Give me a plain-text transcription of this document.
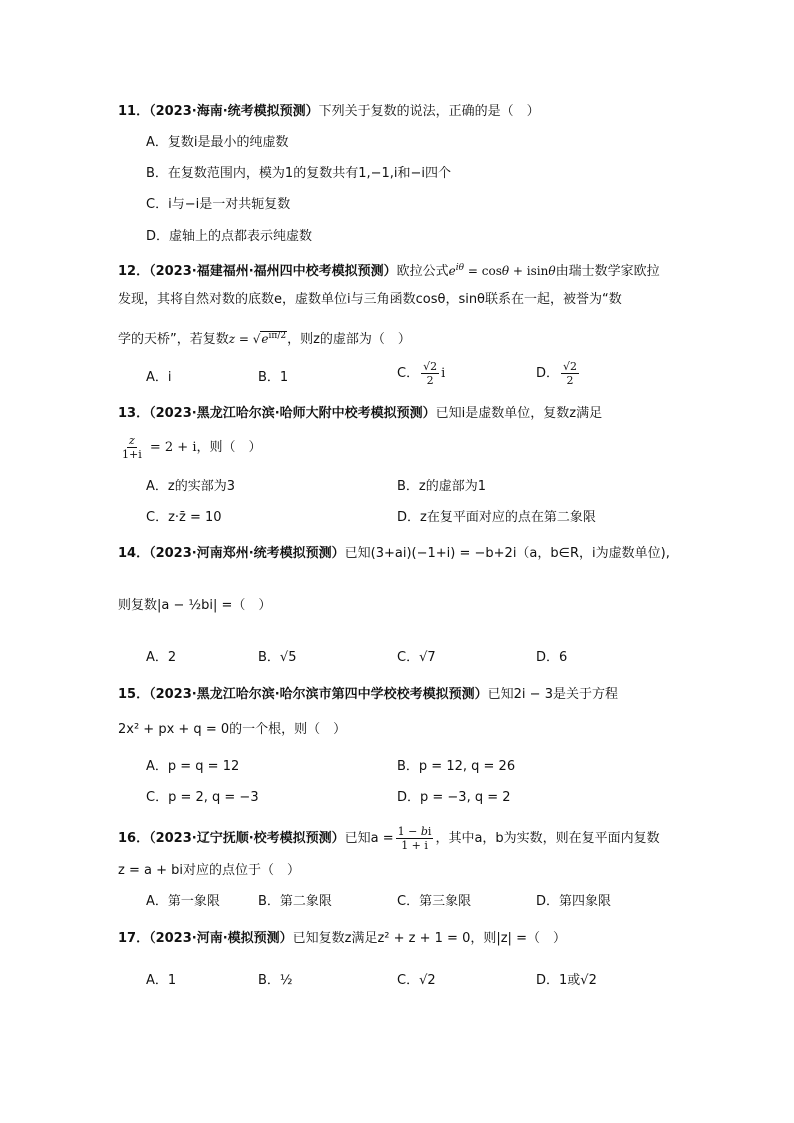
11．（2023·海南·统考模拟预测）下列关于复数的说法，正确的是（　）
A．复数i是最小的纯虚数
B．在复数范围内，模为1的复数共有1,−1,i和−i四个
C．i与−i是一对共轭复数
D．虚轴上的点都表示纯虚数
12．（2023·福建福州·福州四中校考模拟预测）欧拉公式$e^{i\theta} = \cos\theta + isin\theta$由瑞士数学家欧拉
发现，其将自然对数的底数e，虚数单位i与三角函数cosθ，sinθ联系在一起，被誉为“数
学的天桥”，若复数$z = √e^{i\pi/2}$，则z的虚部为（　）
A．i	B．1	C． $\frac{√2}{2}$ i	D． $\frac{√2}{2}$
13．（2023·黑龙江哈尔滨·哈师大附中校考模拟预测）已知i是虚数单位，复数z满足
$\frac{z}{1+i} = 2 + i$，则（　）
A．z的实部为3	B．z的虚部为1
C．z·z̄ = 10	D．z在复平面对应的点在第二象限
14．（2023·河南郑州·统考模拟预测）已知(3+ai)(−1+i) = −b+2i（a，b∈R，i为虚数单位),
则复数|a − ½bi| =（　）
A．2	B．√5	C．√7	D．6
15．（2023·黑龙江哈尔滨·哈尔滨市第四中学校校考模拟预测）已知2i − 3是关于方程
2x² + px + q = 0的一个根，则（　）
A．p = q = 12	B．p = 12, q = 26
C．p = 2, q = −3	D．p = −3, q = 2
16．（2023·辽宁抚顺·校考模拟预测）已知$a = \frac{1 - bi}{1 + i}$ ，其中a，b为实数，则在复平面内复数
z = a + bi对应的点位于（　）
A．第一象限	B．第二象限	C．第三象限	D．第四象限
17．（2023·河南·模拟预测）已知复数z满足z² + z + 1 = 0，则|z| =（　）
A．1	B．½	C．√2	D．1或√2
